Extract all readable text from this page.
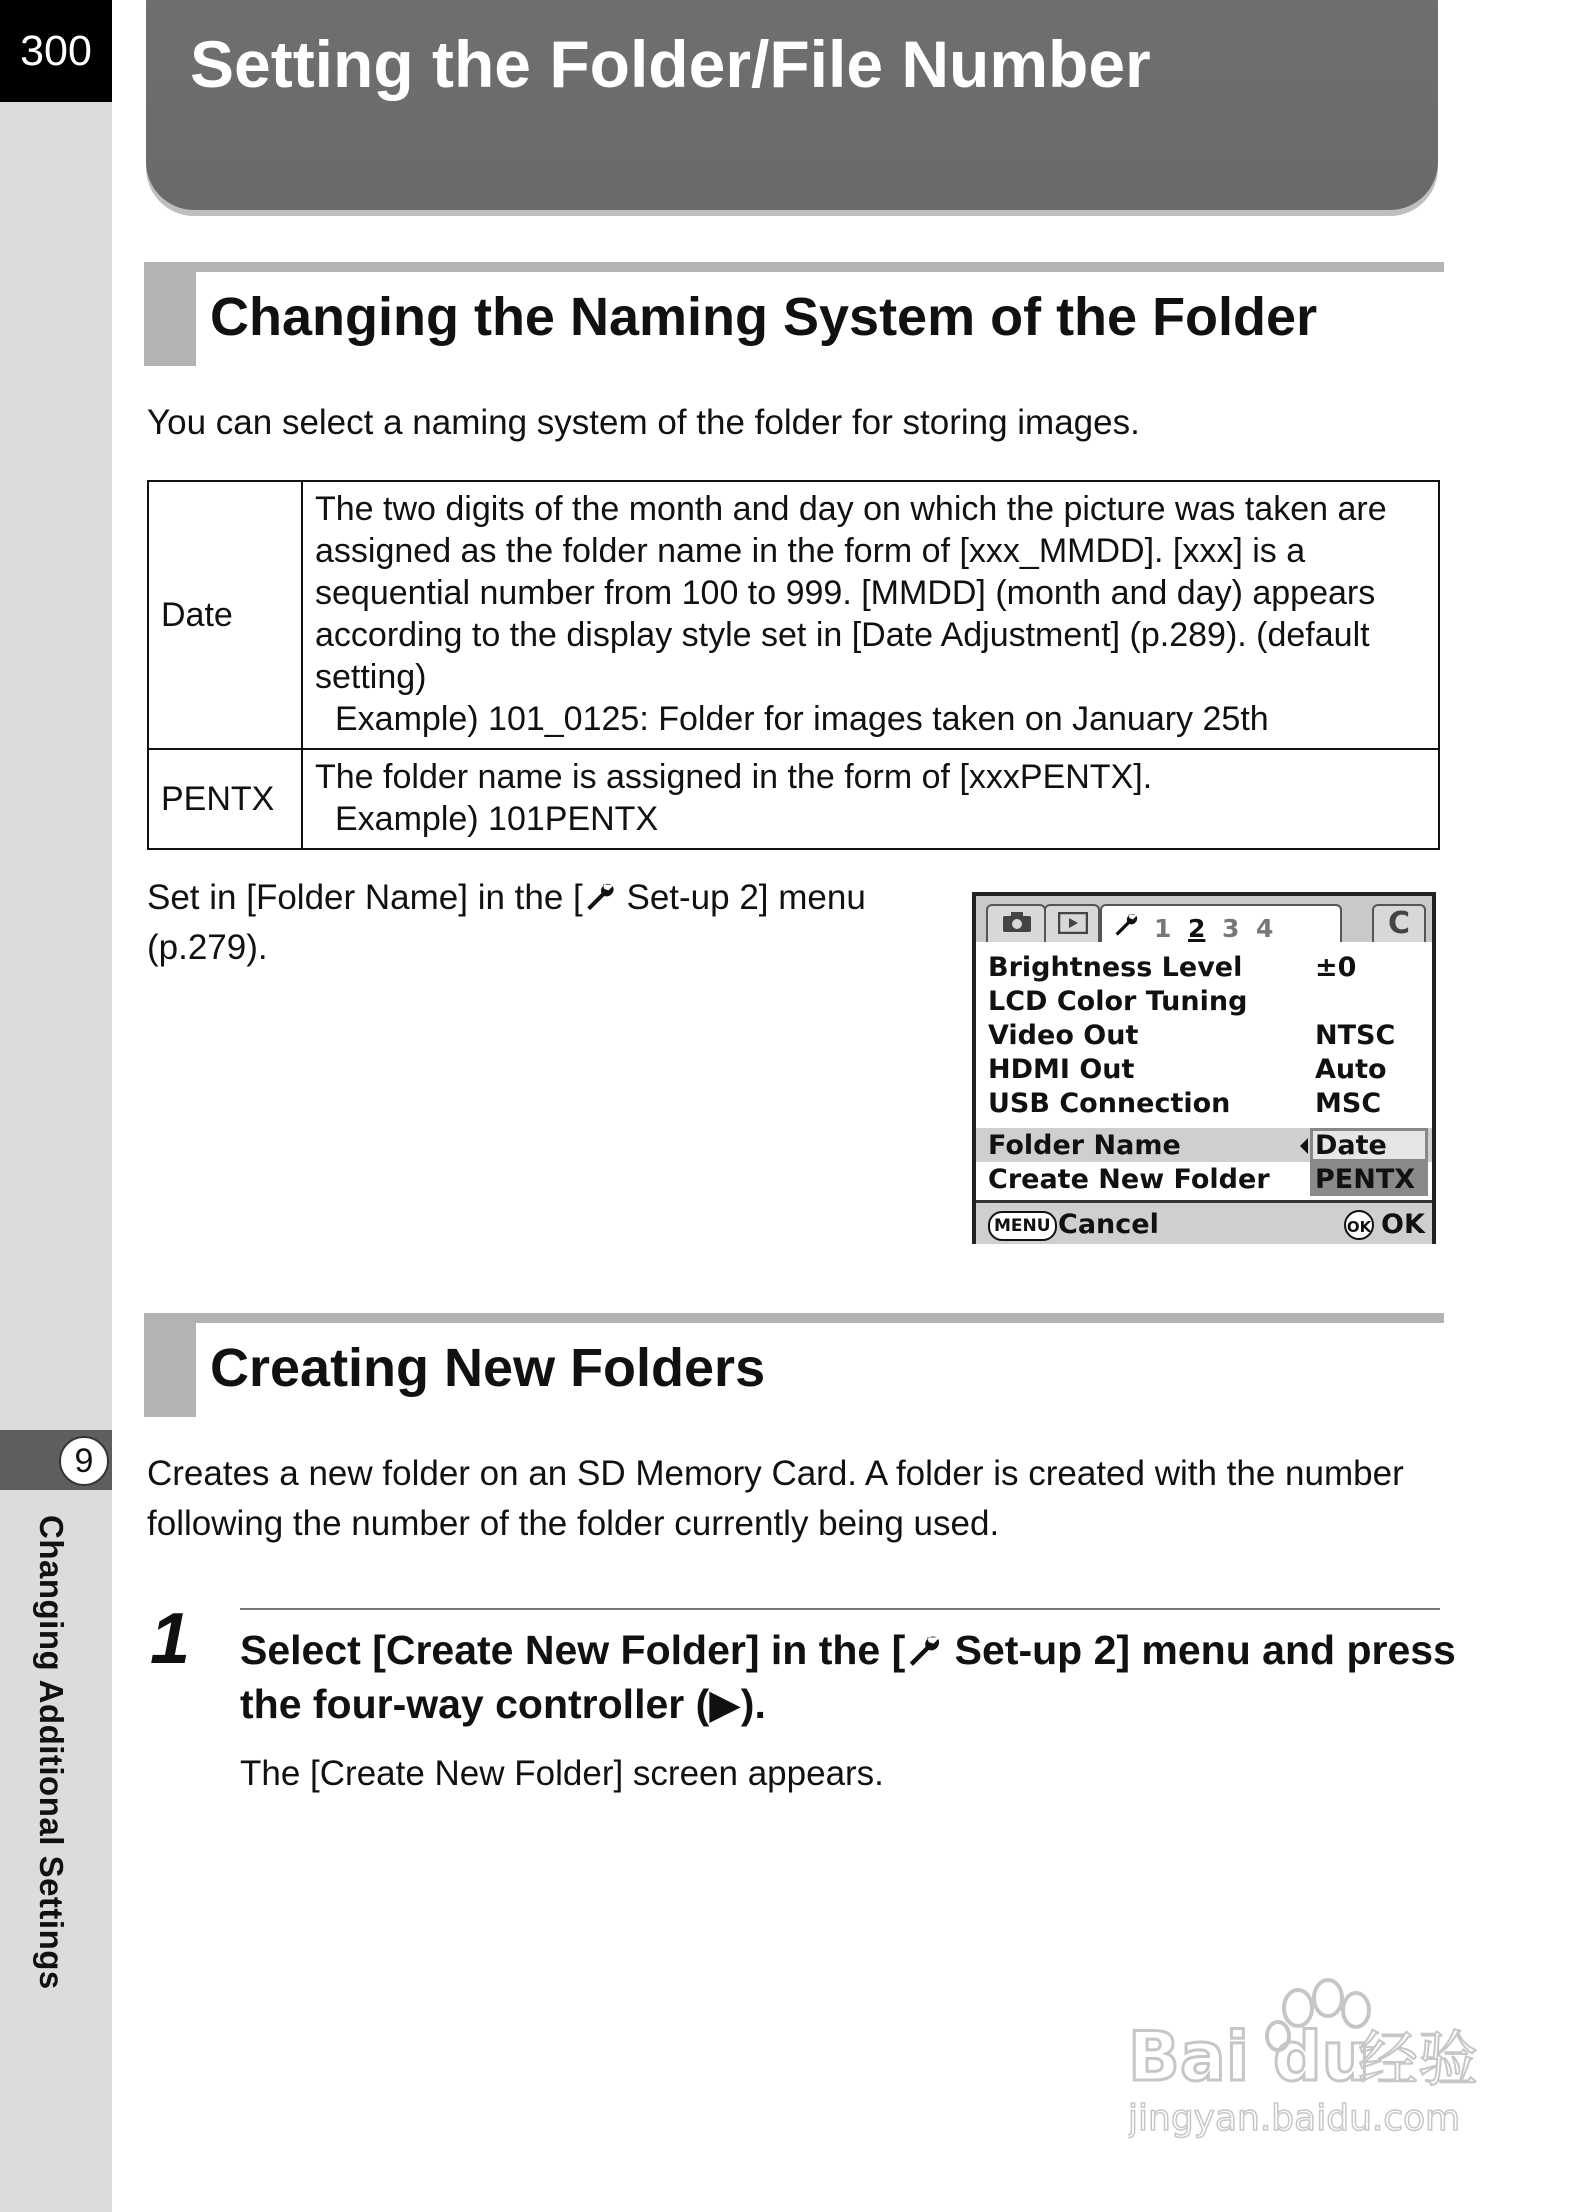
300
9
Changing Additional Settings
Setting the Folder/File Number
Changing the Naming System of the Folder
You can select a naming system of the folder for storing images.
Date	The two digits of the month and day on which the picture was taken are assigned as the folder name in the form of [xxx_MMDD]. [xxx] is a sequential number from 100 to 999. [MMDD] (month and day) appears according to the display style set in [Date Adjustment] (p.289). (default setting)
Example) 101_0125: Folder for images taken on January 25th

PENTX	The folder name is assigned in the form of [xxxPENTX].
Example) 101PENTX
Set in [Folder Name] in the [ Set-up 2] menu (p.279).	1 2 3 4	C
Brightness Level	±0
LCD Color Tuning
Video Out	NTSC
HDMI Out	Auto
USB Connection	MSC
Folder Name	Date
Create New Folder PENTX
MENU Cancel	OK OK
Creating New Folders
Creates a new folder on an SD Memory Card. A folder is created with the number following the number of the folder currently being used.
1 Select [Create New Folder] in the [ Set-up 2] menu and press the four-way controller (▶).
The [Create New Folder] screen appears.
Bai du
经验
jingyan.baidu.com
